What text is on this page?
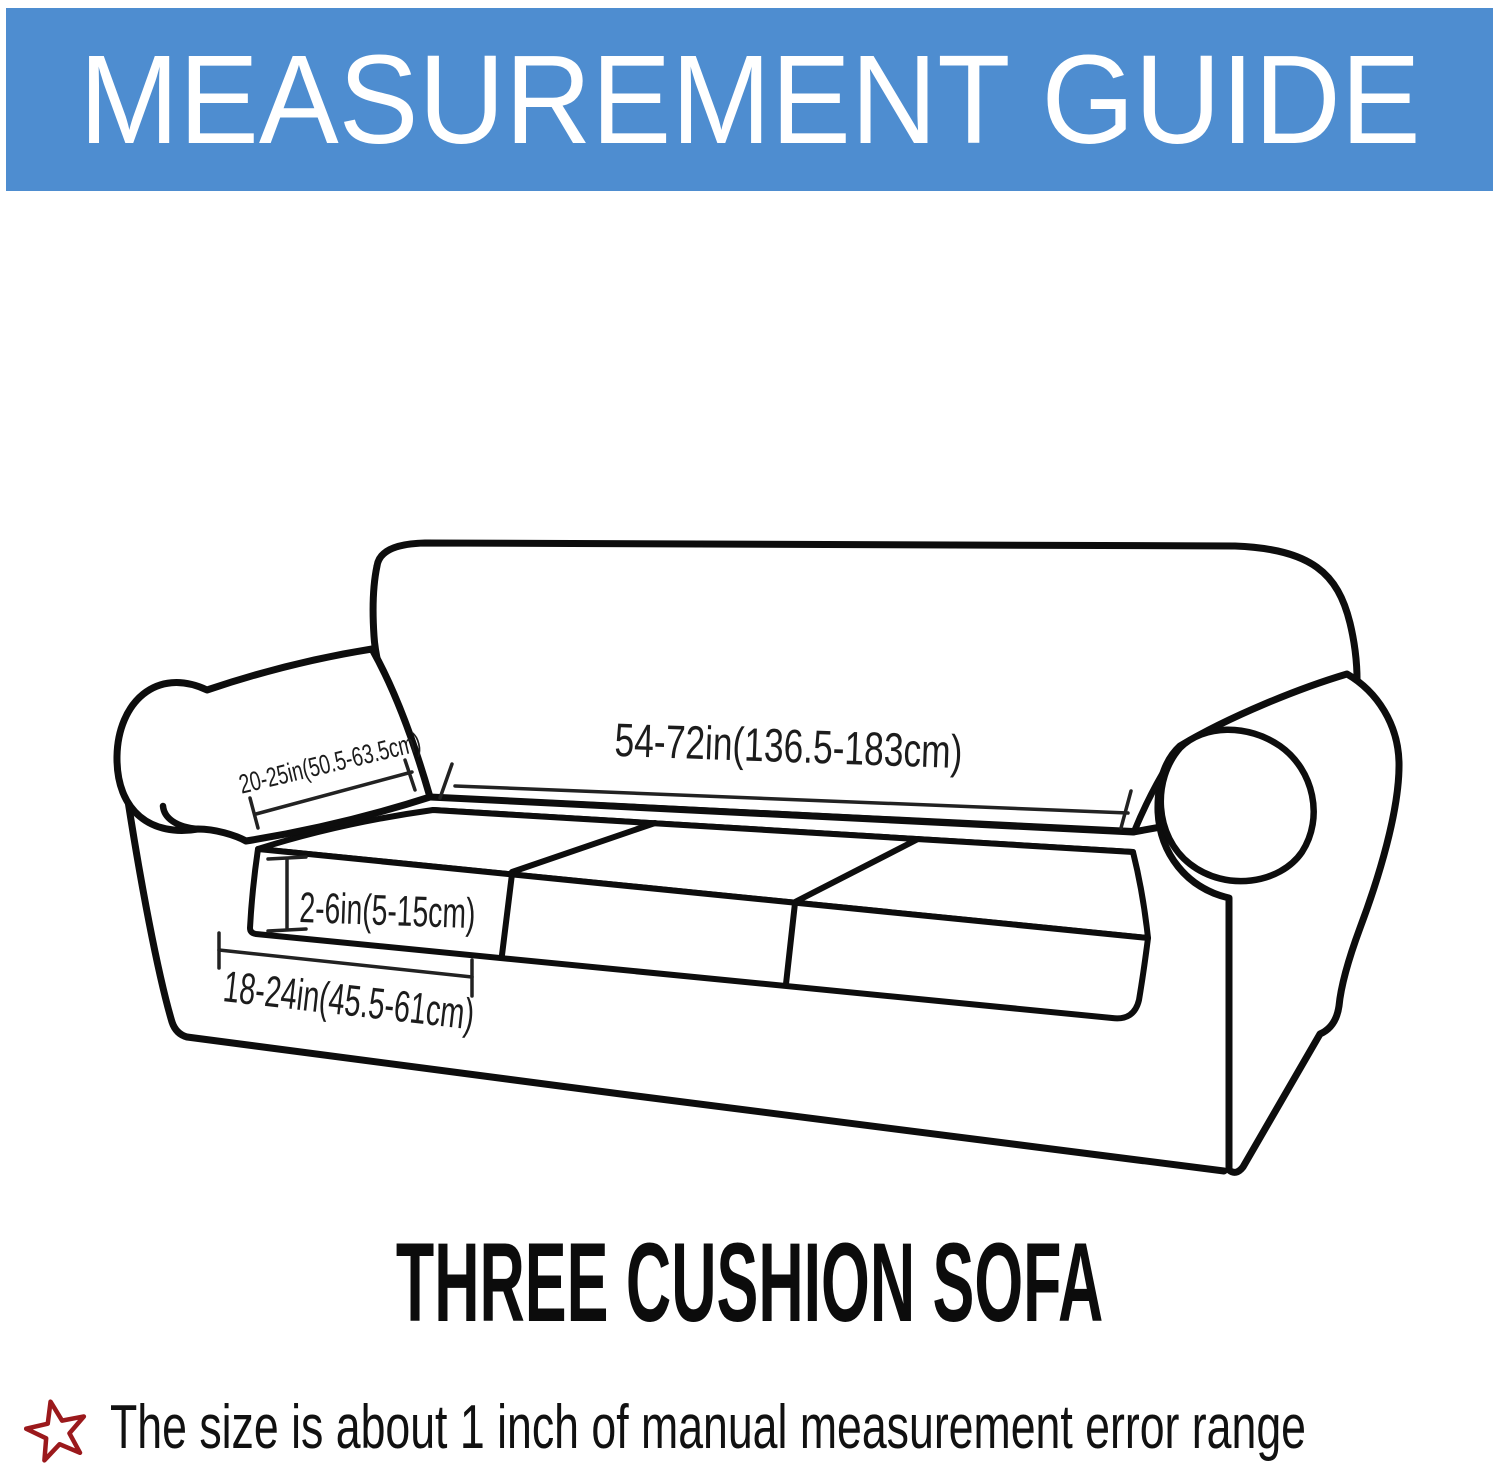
MEASUREMENT GUIDE
20-25in(50.5-63.5cm)	54-72in(136.5-183cm)
2-6in(5-15cm)
18-24in(45.5-61cm)
THREE CUSHION SOFA
The size is about 1 inch of manual measurement error range
